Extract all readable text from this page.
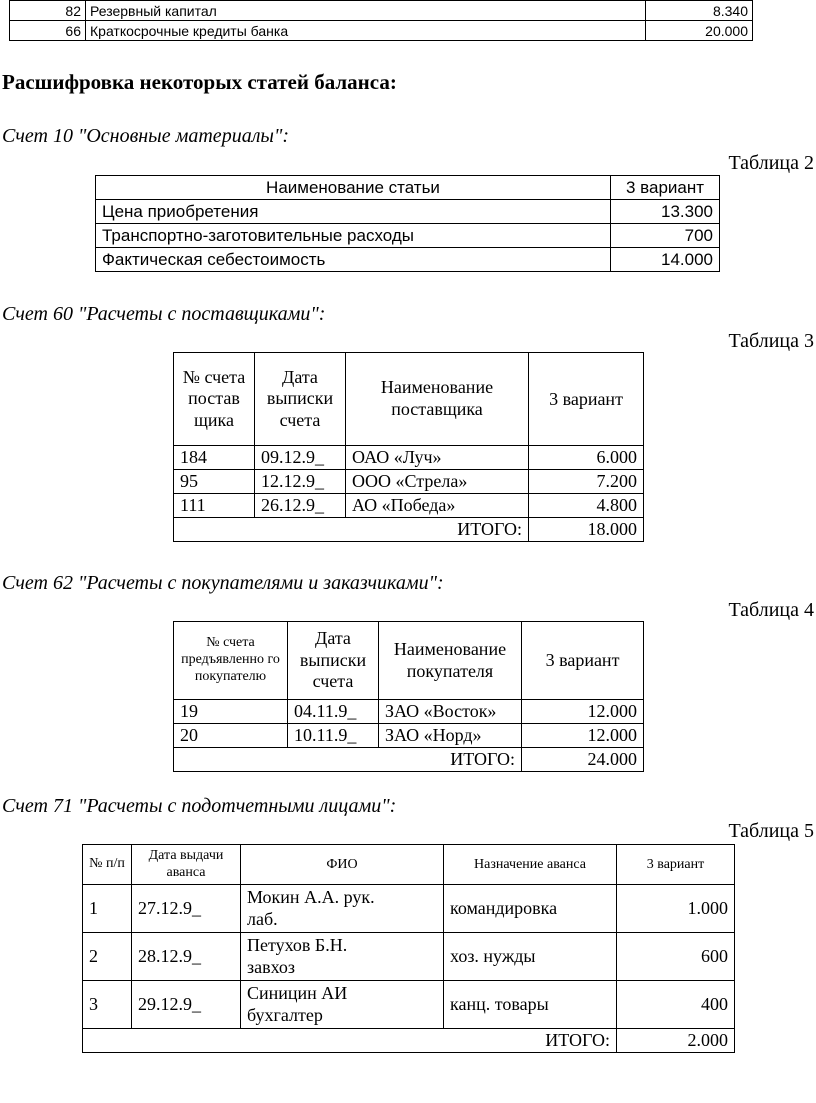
82	Резервный капитал	8.340
66	Краткосрочные кредиты банка	20.000
Расшифровка некоторых статей баланса:
Счет 10 "Основные материалы":
Таблица 2
Наименование статьи	3 вариант
Цена приобретения	13.300
Транспортно-заготовительные расходы	700
Фактическая себестоимость	14.000
Счет 60 "Расчеты с поставщиками":
Таблица 3
№ счета постав щика	Дата выписки счета	Наименование поставщика	3 вариант
184	09.12.9_	ОАО «Луч»	6.000
95	12.12.9_	ООО «Стрела»	7.200
111	26.12.9_	АО «Победа»	4.800
ИТОГО:			18.000
Счет 62 "Расчеты с покупателями и заказчиками":
Таблица 4
№ счета предъявленно го покупателю	Дата выписки счета	Наименование покупателя	3 вариант
19	04.11.9_	ЗАО «Восток»	12.000
20	10.11.9_	ЗАО «Норд»	12.000
ИТОГО:			24.000
Счет 71 "Расчеты с подотчетными лицами":
Таблица 5
№ п/п	Дата выдачи аванса	ФИО	Назначение аванса	3 вариант
1	27.12.9_	Мокин А.А. рук. лаб.	командировка	1.000
2	28.12.9_	Петухов Б.Н. завхоз	хоз. нужды	600
3	29.12.9_	Синицин АИ бухгалтер	канц. товары	400
ИТОГО:				2.000
